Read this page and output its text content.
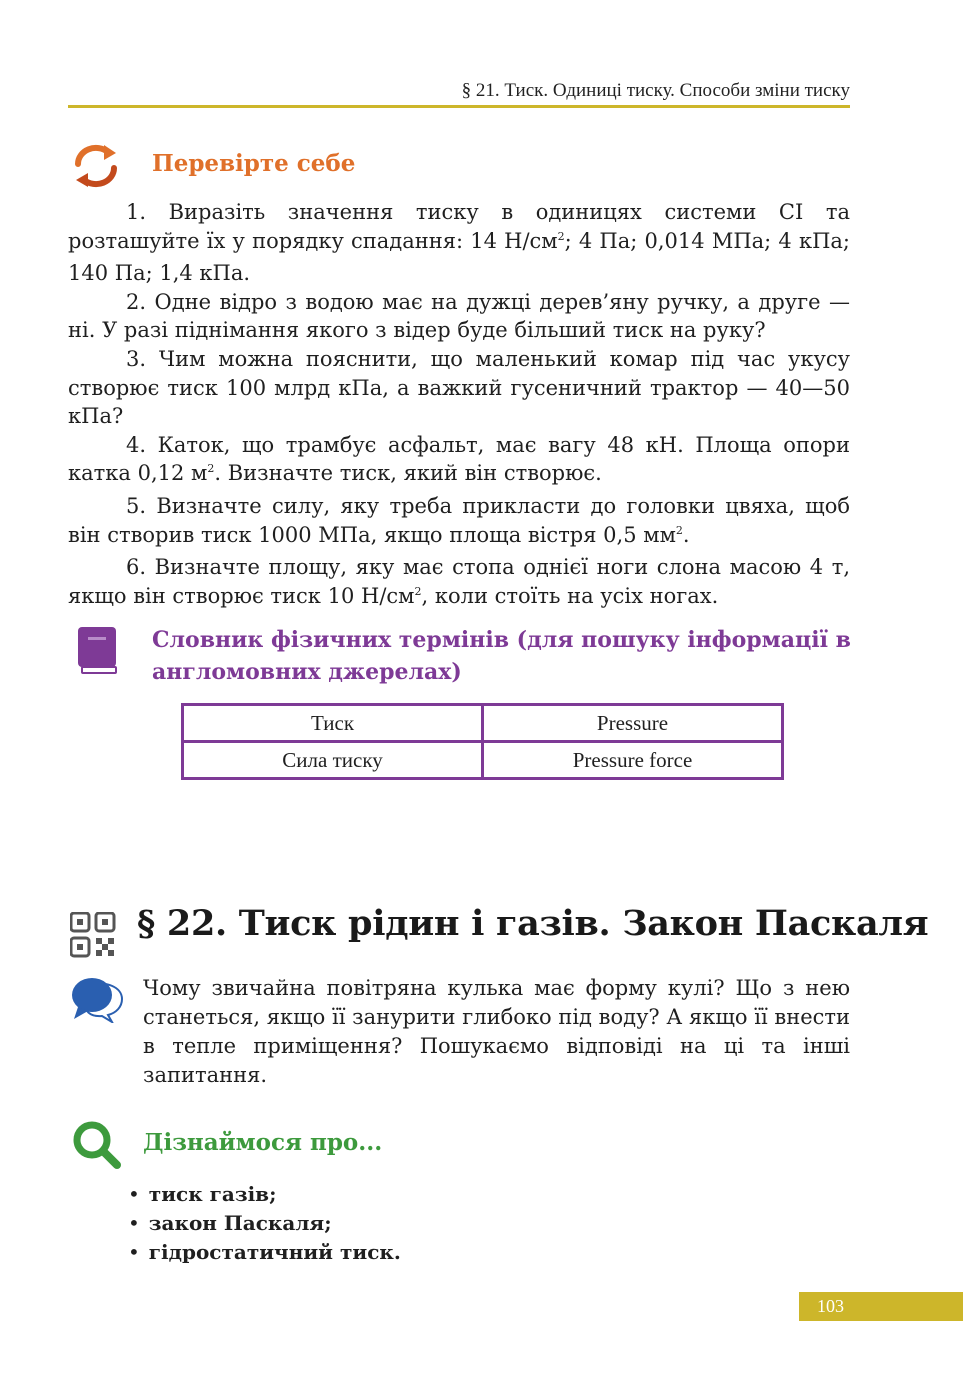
§ 21. Тиск. Одиниці тиску. Способи зміни тиску
Перевірте себе

1. Виразіть значення тиску в одиницях системи СІ та розташуйте їх у порядку спадання: 14 $Н/см^2$; 4 Па; 0,014 МПа; 4 кПа; 140 Па; 1,4 кПа.

2. Одне відро з водою має на дужці дерев’яну ручку, а друге — ні. У разі піднімання якого з відер буде більший тиск на руку?

3. Чим можна пояснити, що маленький комар під час укусу створює тиск 100 млрд кПа, а важкий гусеничний трактор — 40—50 кПа?

4. Каток, що трамбує асфальт, має вагу 48 кН. Площа опори катка 0,12 $м^2$. Визначте тиск, який він створює.

5. Визначте силу, яку треба прикласти до головки цвяха, щоб він створив тиск 1000 МПа, якщо площа вістря 0,5 $мм^2$.

6. Визначте площу, яку має стопа однієї ноги слона масою 4 т, якщо він створює тиск 10 $Н/см^2$, коли стоїть на усіх ногах.

Словник фізичних термінів (для пошуку інформації в
англомовних джерелах)
Тиск	Pressure
Сила тиску	Pressure force
§ 22. Тиск рідин і газів. Закон Паскаля

Чому звичайна повітряна кулька має форму кулі? Що з нею станеться, якщо її занурити глибоко під воду? А якщо її внести в тепле приміщення? Пошукаємо відповіді на ці та інші запитання.

Дізнаймося про...
• тиск газів;
• закон Паскаля;
• гідростатичний тиск.
103
